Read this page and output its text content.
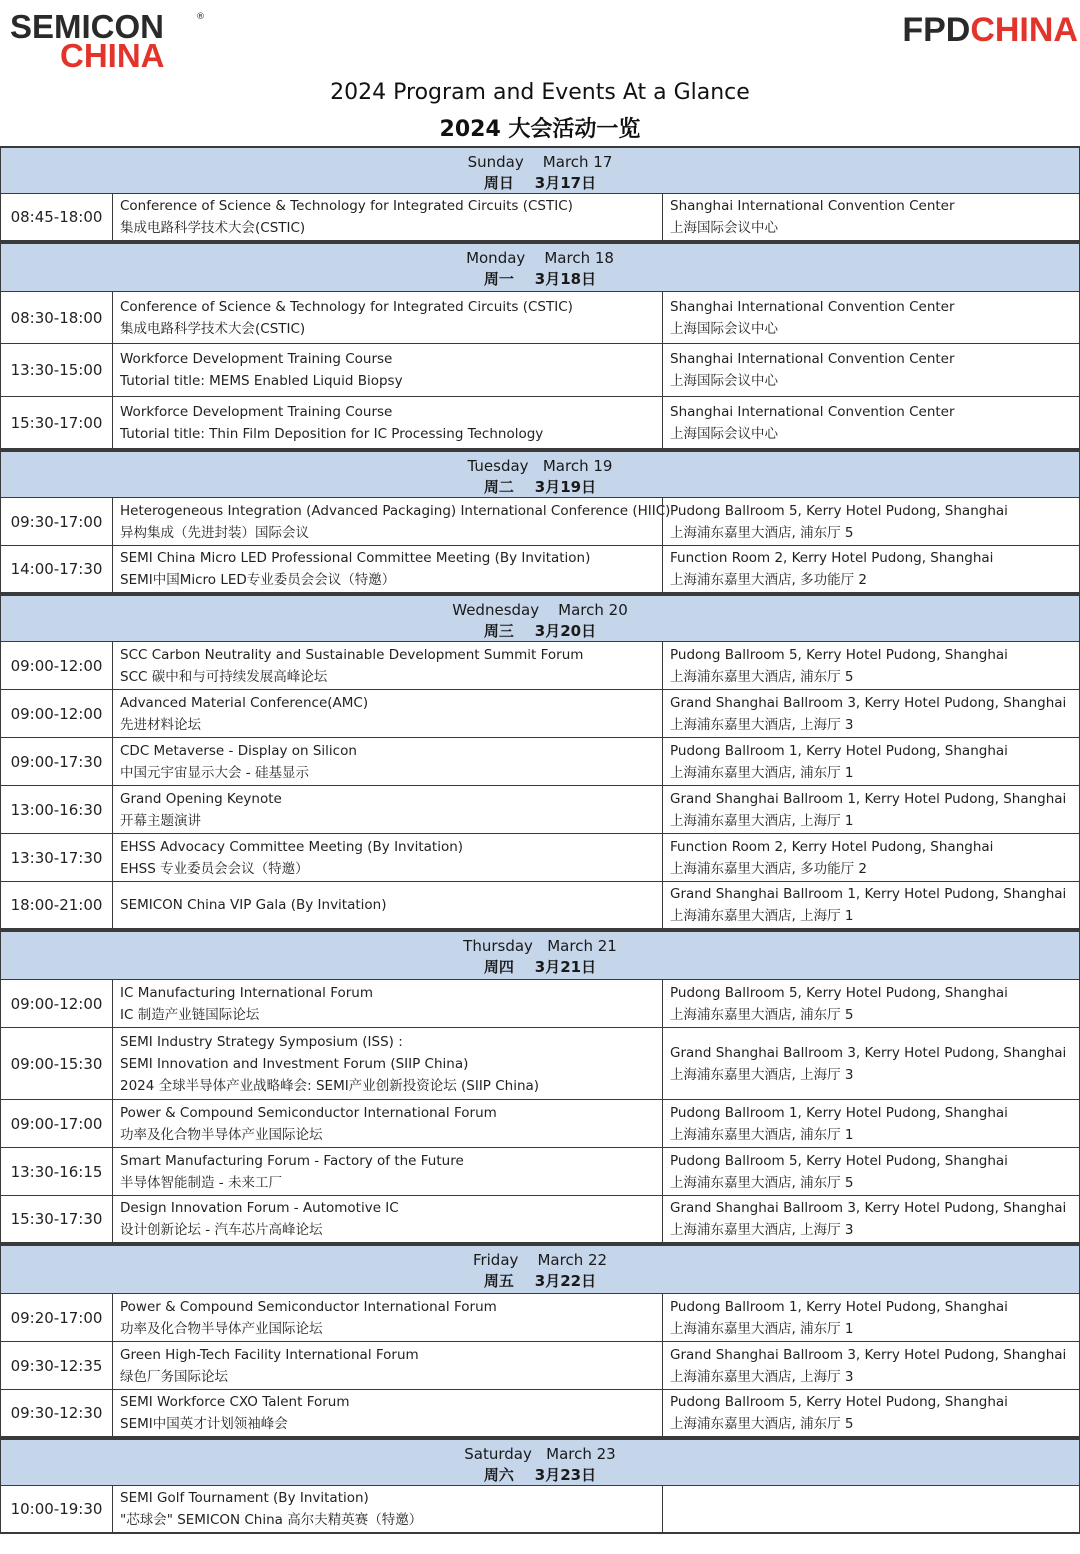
SEMICON	®
CHINA
FPDCHINA
2024 Program and Events At a Glance
2024 大会活动一览
Sunday    March 17
周日    3月17日
08:45-18:00
Conference of Science & Technology for Integrated Circuits (CSTIC)
集成电路科学技术大会(CSTIC)
Shanghai International Convention Center
上海国际会议中心
Monday    March 18
周一    3月18日
08:30-18:00
Conference of Science & Technology for Integrated Circuits (CSTIC)
集成电路科学技术大会(CSTIC)
Shanghai International Convention Center
上海国际会议中心
13:30-15:00
Workforce Development Training Course
Tutorial title: MEMS Enabled Liquid Biopsy
Shanghai International Convention Center
上海国际会议中心
15:30-17:00
Workforce Development Training Course
Tutorial title: Thin Film Deposition for IC Processing Technology
Shanghai International Convention Center
上海国际会议中心
Tuesday   March 19
周二    3月19日
09:30-17:00
Heterogeneous Integration (Advanced Packaging) International Conference (HIIC)
异构集成（先进封装）国际会议
Pudong Ballroom 5, Kerry Hotel Pudong, Shanghai
上海浦东嘉里大酒店, 浦东厅 5
14:00-17:30
SEMI China Micro LED Professional Committee Meeting (By Invitation)
SEMI中国Micro LED专业委员会会议（特邀）
Function Room 2, Kerry Hotel Pudong, Shanghai
上海浦东嘉里大酒店, 多功能厅 2
Wednesday    March 20
周三    3月20日
09:00-12:00
SCC Carbon Neutrality and Sustainable Development Summit Forum
SCC 碳中和与可持续发展高峰论坛
Pudong Ballroom 5, Kerry Hotel Pudong, Shanghai
上海浦东嘉里大酒店, 浦东厅 5
09:00-12:00
Advanced Material Conference(AMC)
先进材料论坛
Grand Shanghai Ballroom 3, Kerry Hotel Pudong, Shanghai
上海浦东嘉里大酒店, 上海厅 3
09:00-17:30
CDC Metaverse - Display on Silicon
中国元宇宙显示大会 - 硅基显示
Pudong Ballroom 1, Kerry Hotel Pudong, Shanghai
上海浦东嘉里大酒店, 浦东厅 1
13:00-16:30
Grand Opening Keynote
开幕主题演讲
Grand Shanghai Ballroom 1, Kerry Hotel Pudong, Shanghai
上海浦东嘉里大酒店, 上海厅 1
13:30-17:30
EHSS Advocacy Committee Meeting (By Invitation)
EHSS 专业委员会会议（特邀）
Function Room 2, Kerry Hotel Pudong, Shanghai
上海浦东嘉里大酒店, 多功能厅 2
18:00-21:00	SEMICON China VIP Gala (By Invitation)
Grand Shanghai Ballroom 1, Kerry Hotel Pudong, Shanghai
上海浦东嘉里大酒店, 上海厅 1
Thursday   March 21
周四    3月21日
09:00-12:00
IC Manufacturing International Forum
IC 制造产业链国际论坛
Pudong Ballroom 5, Kerry Hotel Pudong, Shanghai
上海浦东嘉里大酒店, 浦东厅 5
09:00-15:30
SEMI Industry Strategy Symposium (ISS) :
SEMI Innovation and Investment Forum (SIIP China)
2024 全球半导体产业战略峰会: SEMI产业创新投资论坛 (SIIP China)
Grand Shanghai Ballroom 3, Kerry Hotel Pudong, Shanghai
上海浦东嘉里大酒店, 上海厅 3
09:00-17:00
Power & Compound Semiconductor International Forum
功率及化合物半导体产业国际论坛
Pudong Ballroom 1, Kerry Hotel Pudong, Shanghai
上海浦东嘉里大酒店, 浦东厅 1
13:30-16:15
Smart Manufacturing Forum - Factory of the Future
半导体智能制造 - 未来工厂
Pudong Ballroom 5, Kerry Hotel Pudong, Shanghai
上海浦东嘉里大酒店, 浦东厅 5
15:30-17:30
Design Innovation Forum - Automotive IC
设计创新论坛 - 汽车芯片高峰论坛
Grand Shanghai Ballroom 3, Kerry Hotel Pudong, Shanghai
上海浦东嘉里大酒店, 上海厅 3
Friday    March 22
周五    3月22日
09:20-17:00
Power & Compound Semiconductor International Forum
功率及化合物半导体产业国际论坛
Pudong Ballroom 1, Kerry Hotel Pudong, Shanghai
上海浦东嘉里大酒店, 浦东厅 1
09:30-12:35
Green High-Tech Facility International Forum
绿色厂务国际论坛
Grand Shanghai Ballroom 3, Kerry Hotel Pudong, Shanghai
上海浦东嘉里大酒店, 上海厅 3
09:30-12:30
SEMI Workforce CXO Talent Forum
SEMI中国英才计划领袖峰会
Pudong Ballroom 5, Kerry Hotel Pudong, Shanghai
上海浦东嘉里大酒店, 浦东厅 5
Saturday   March 23
周六    3月23日
10:00-19:30
SEMI Golf Tournament (By Invitation)
"芯球会" SEMICON China 高尔夫精英赛（特邀）
